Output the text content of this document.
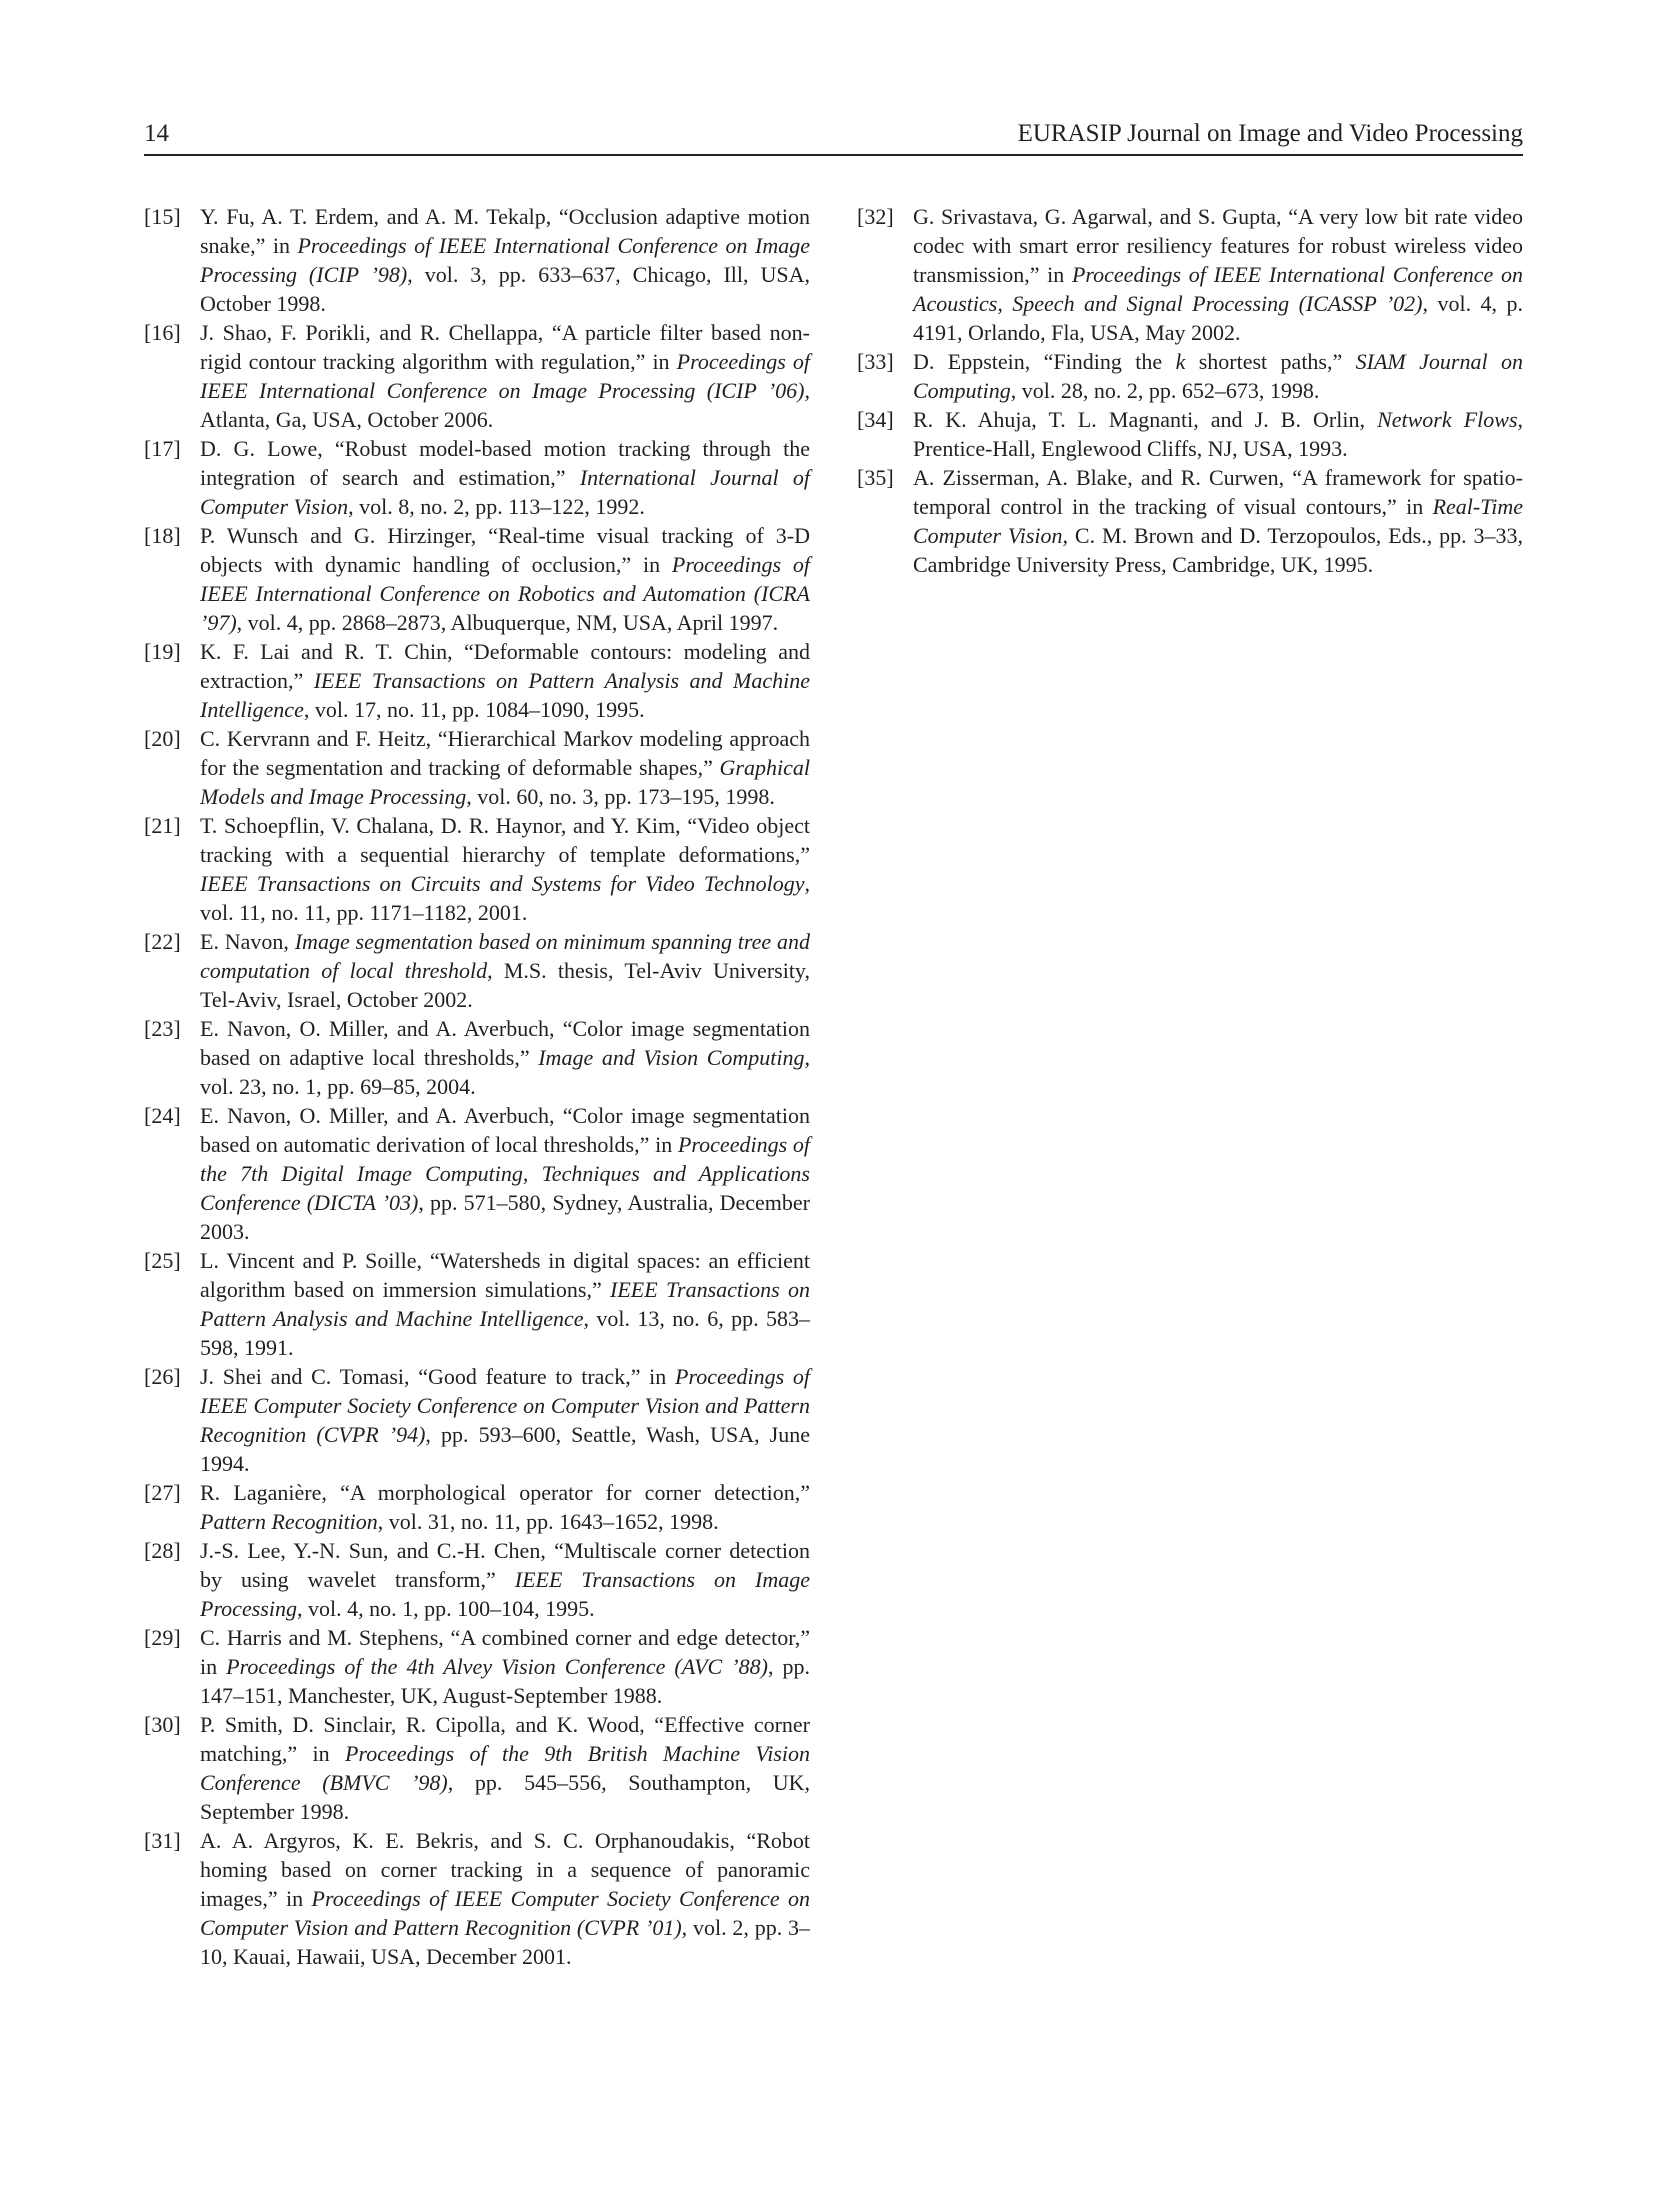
14	EURASIP Journal on Image and Video Processing
[15] Y. Fu, A. T. Erdem, and A. M. Tekalp, “Occlusion adaptive motion snake,” in Proceedings of IEEE International Conference on Image Processing (ICIP ’98), vol. 3, pp. 633–637, Chicago, Ill, USA, October 1998.
[16] J. Shao, F. Porikli, and R. Chellappa, “A particle filter based non-rigid contour tracking algorithm with regulation,” in Proceedings of IEEE International Conference on Image Processing (ICIP ’06), Atlanta, Ga, USA, October 2006.
[17] D. G. Lowe, “Robust model-based motion tracking through the integration of search and estimation,” International Journal of Computer Vision, vol. 8, no. 2, pp. 113–122, 1992.
[18] P. Wunsch and G. Hirzinger, “Real-time visual tracking of 3-D objects with dynamic handling of occlusion,” in Proceedings of IEEE International Conference on Robotics and Automation (ICRA ’97), vol. 4, pp. 2868–2873, Albuquerque, NM, USA, April 1997.
[19] K. F. Lai and R. T. Chin, “Deformable contours: modeling and extraction,” IEEE Transactions on Pattern Analysis and Machine Intelligence, vol. 17, no. 11, pp. 1084–1090, 1995.
[20] C. Kervrann and F. Heitz, “Hierarchical Markov modeling approach for the segmentation and tracking of deformable shapes,” Graphical Models and Image Processing, vol. 60, no. 3, pp. 173–195, 1998.
[21] T. Schoepflin, V. Chalana, D. R. Haynor, and Y. Kim, “Video object tracking with a sequential hierarchy of template deformations,” IEEE Transactions on Circuits and Systems for Video Technology, vol. 11, no. 11, pp. 1171–1182, 2001.
[22] E. Navon, Image segmentation based on minimum spanning tree and computation of local threshold, M.S. thesis, Tel-Aviv University, Tel-Aviv, Israel, October 2002.
[23] E. Navon, O. Miller, and A. Averbuch, “Color image segmentation based on adaptive local thresholds,” Image and Vision Computing, vol. 23, no. 1, pp. 69–85, 2004.
[24] E. Navon, O. Miller, and A. Averbuch, “Color image segmentation based on automatic derivation of local thresholds,” in Proceedings of the 7th Digital Image Computing, Techniques and Applications Conference (DICTA ’03), pp. 571–580, Sydney, Australia, December 2003.
[25] L. Vincent and P. Soille, “Watersheds in digital spaces: an efficient algorithm based on immersion simulations,” IEEE Transactions on Pattern Analysis and Machine Intelligence, vol. 13, no. 6, pp. 583–598, 1991.
[26] J. Shei and C. Tomasi, “Good feature to track,” in Proceedings of IEEE Computer Society Conference on Computer Vision and Pattern Recognition (CVPR ’94), pp. 593–600, Seattle, Wash, USA, June 1994.
[27] R. Laganière, “A morphological operator for corner detection,” Pattern Recognition, vol. 31, no. 11, pp. 1643–1652, 1998.
[28] J.-S. Lee, Y.-N. Sun, and C.-H. Chen, “Multiscale corner detection by using wavelet transform,” IEEE Transactions on Image Processing, vol. 4, no. 1, pp. 100–104, 1995.
[29] C. Harris and M. Stephens, “A combined corner and edge detector,” in Proceedings of the 4th Alvey Vision Conference (AVC ’88), pp. 147–151, Manchester, UK, August-September 1988.
[30] P. Smith, D. Sinclair, R. Cipolla, and K. Wood, “Effective corner matching,” in Proceedings of the 9th British Machine Vision Conference (BMVC ’98), pp. 545–556, Southampton, UK, September 1998.
[31] A. A. Argyros, K. E. Bekris, and S. C. Orphanoudakis, “Robot homing based on corner tracking in a sequence of panoramic images,” in Proceedings of IEEE Computer Society Conference on Computer Vision and Pattern Recognition (CVPR ’01), vol. 2, pp. 3–10, Kauai, Hawaii, USA, December 2001.
[32] G. Srivastava, G. Agarwal, and S. Gupta, “A very low bit rate video codec with smart error resiliency features for robust wireless video transmission,” in Proceedings of IEEE International Conference on Acoustics, Speech and Signal Processing (ICASSP ’02), vol. 4, p. 4191, Orlando, Fla, USA, May 2002.
[33] D. Eppstein, “Finding the k shortest paths,” SIAM Journal on Computing, vol. 28, no. 2, pp. 652–673, 1998.
[34] R. K. Ahuja, T. L. Magnanti, and J. B. Orlin, Network Flows, Prentice-Hall, Englewood Cliffs, NJ, USA, 1993.
[35] A. Zisserman, A. Blake, and R. Curwen, “A framework for spatio-temporal control in the tracking of visual contours,” in Real-Time Computer Vision, C. M. Brown and D. Terzopoulos, Eds., pp. 3–33, Cambridge University Press, Cambridge, UK, 1995.
